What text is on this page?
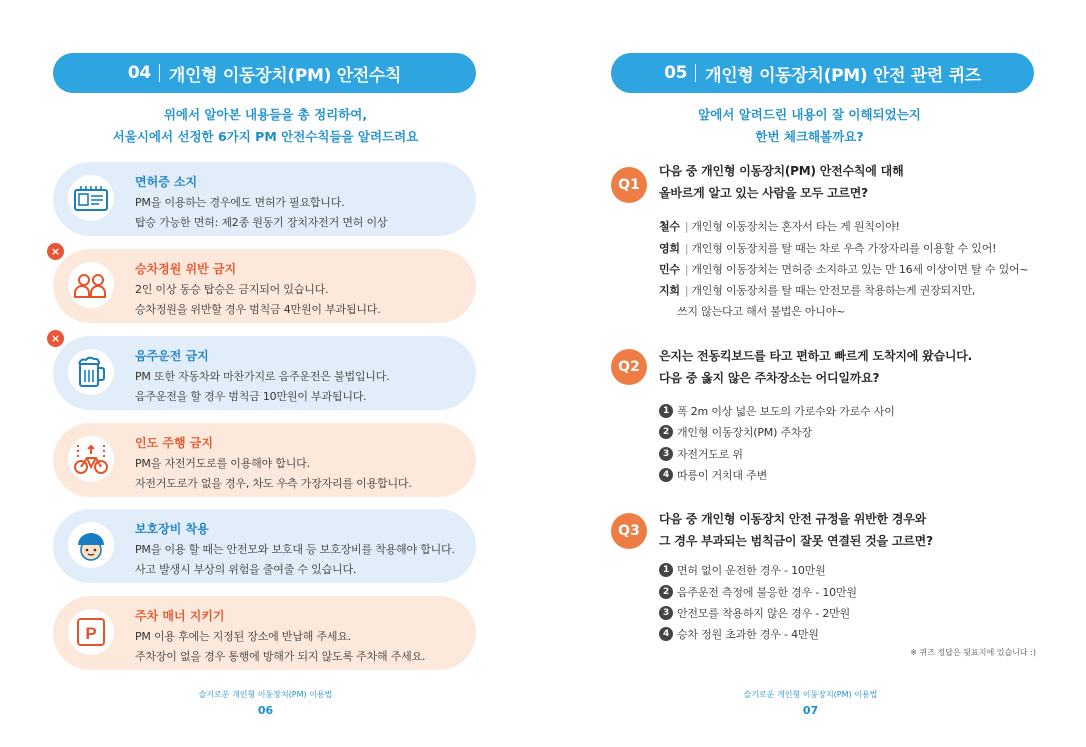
04 개인형 이동장치(PM) 안전수칙
위에서 알아본 내용들을 총 정리하여,
서울시에서 선정한 6가지 PM 안전수칙들을 알려드려요
면허증 소지
PM을 이용하는 경우에도 면허가 필요합니다.
탑승 가능한 면허: 제2종 원동기 장치자전거 면허 이상
×
승차정원 위반 금지
2인 이상 동승 탑승은 금지되어 있습니다.
승차정원을 위반할 경우 범칙금 4만원이 부과됩니다.
×
음주운전 금지
PM 또한 자동차와 마찬가지로 음주운전은 불법입니다.
음주운전을 할 경우 범칙금 10만원이 부과됩니다.
인도 주행 금지
PM을 자전거도로를 이용해야 합니다.
자전거도로가 없을 경우, 차도 우측 가장자리를 이용합니다.
보호장비 착용
PM을 이용 할 때는 안전모와 보호대 등 보호장비를 착용해야 합니다.
사고 발생시 부상의 위험을 줄여줄 수 있습니다.
P
주차 매너 지키기
PM 이용 후에는 지정된 장소에 반납해 주세요.
주차장이 없을 경우 통행에 방해가 되지 않도록 주차해 주세요.
슬기로운 개인형 이동장치(PM) 이용법
06
05 개인형 이동장치(PM) 안전 관련 퀴즈
앞에서 알려드린 내용이 잘 이해되었는지
한번 체크해볼까요?
Q1
다음 중 개인형 이동장치(PM) 안전수칙에 대해
올바르게 알고 있는 사람을 모두 고르면?
철수 | 개인형 이동장치는 혼자서 타는 게 원칙이야!
영희 | 개인형 이동장치를 탈 때는 차로 우측 가장자리를 이용할 수 있어!
민수 | 개인형 이동장치는 면허증 소지하고 있는 만 16세 이상이면 탈 수 있어~
지희 | 개인형 이동장치를 탈 때는 안전모를 착용하는게 권장되지만,
쓰지 않는다고 해서 불법은 아니야~
Q2
은지는 전동킥보드를 타고 편하고 빠르게 도착지에 왔습니다.
다음 중 옳지 않은 주차장소는 어디일까요?
1 폭 2m 이상 넓은 보도의 가로수와 가로수 사이
2 개인형 이동장치(PM) 주차장
3 자전거도로 위
4 따릉이 거치대 주변
Q3
다음 중 개인형 이동장치 안전 규정을 위반한 경우와
그 경우 부과되는 범칙금이 잘못 연결된 것을 고르면?
1 면허 없이 운전한 경우 - 10만원
2 음주운전 측정에 불응한 경우 - 10만원
3 안전모를 착용하지 않은 경우 - 2만원
4 승차 정원 초과한 경우 - 4만원
※ 퀴즈 정답은 뒷표지에 있습니다 :)
슬기로운 개인형 이동장치(PM) 이용법
07
